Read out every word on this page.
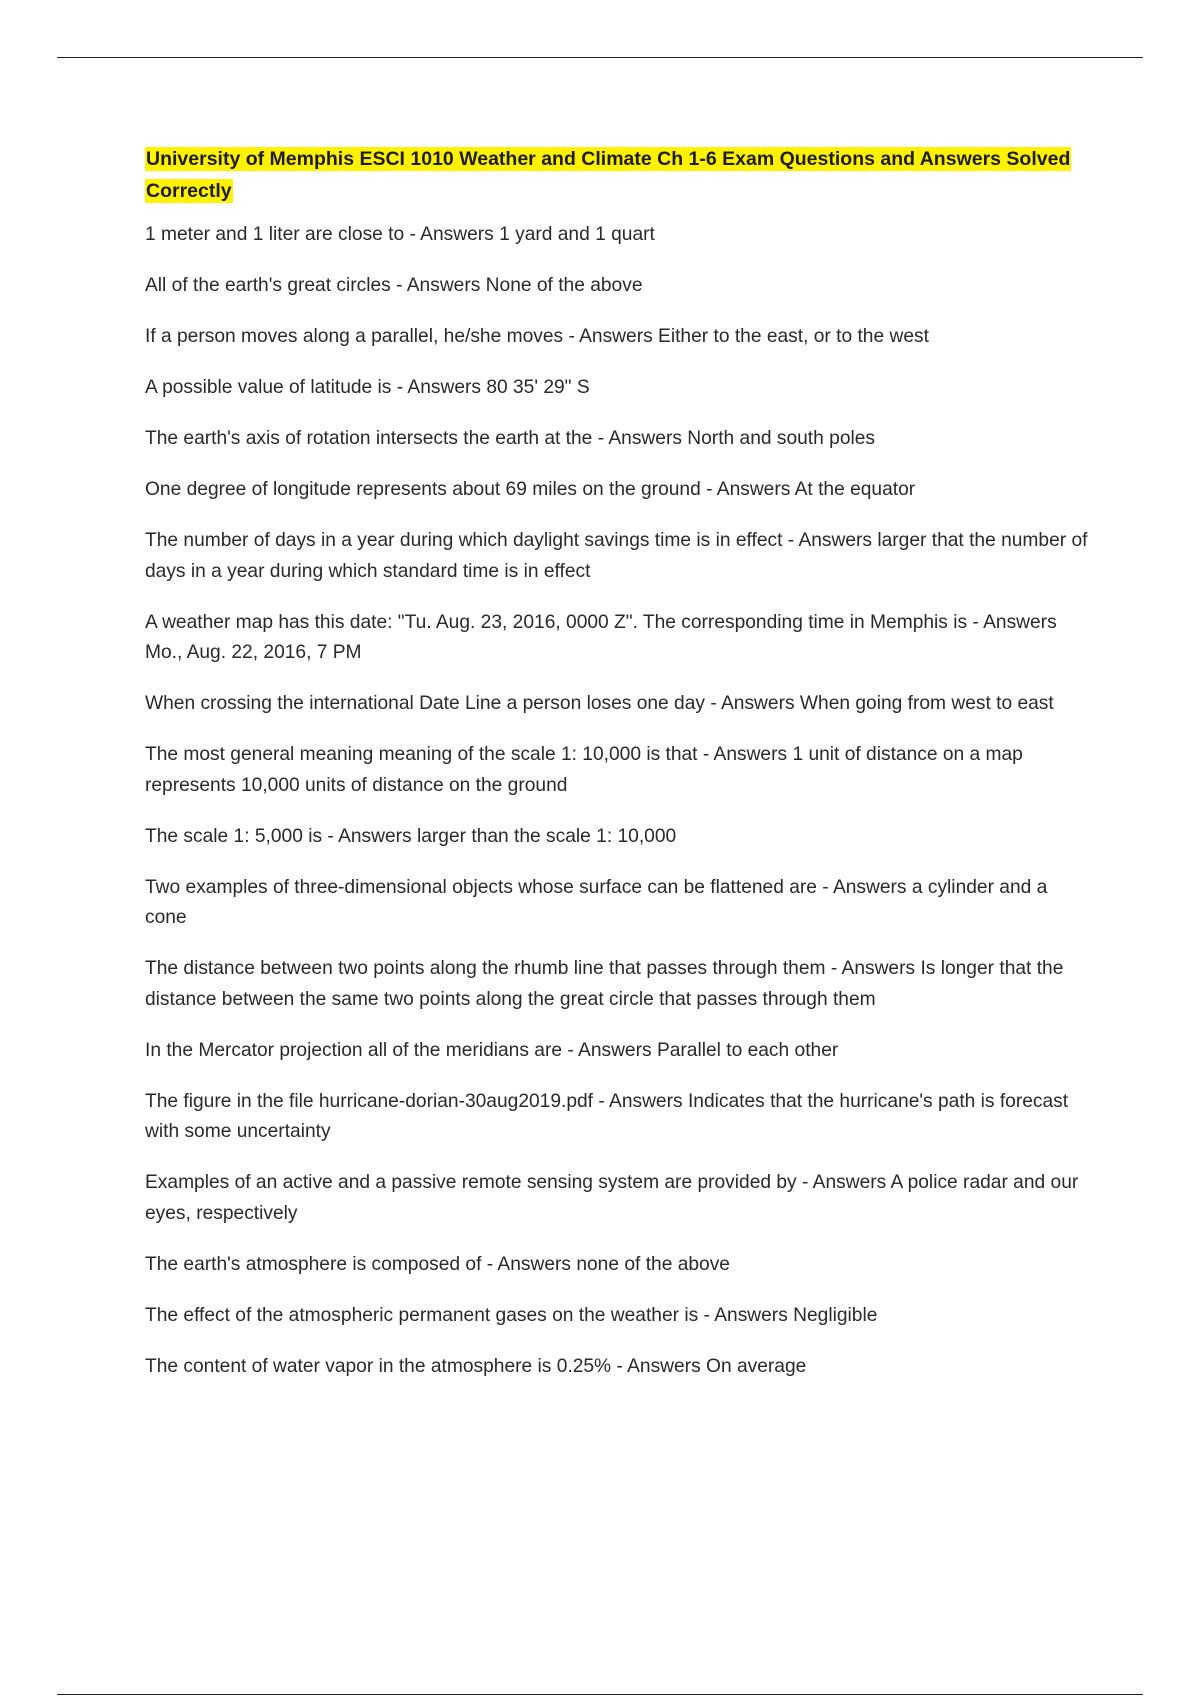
University of Memphis ESCI 1010 Weather and Climate Ch 1-6 Exam Questions and Answers Solved Correctly

1 meter and 1 liter are close to - Answers 1 yard and 1 quart

All of the earth's great circles - Answers None of the above

If a person moves along a parallel, he/she moves - Answers Either to the east, or to the west

A possible value of latitude is - Answers 80 35' 29" S

The earth's axis of rotation intersects the earth at the - Answers North and south poles

One degree of longitude represents about 69 miles on the ground - Answers At the equator

The number of days in a year during which daylight savings time is in effect - Answers larger that the number of days in a year during which standard time is in effect

A weather map has this date: "Tu. Aug. 23, 2016, 0000 Z". The corresponding time in Memphis is - Answers Mo., Aug. 22, 2016, 7 PM

When crossing the international Date Line a person loses one day - Answers When going from west to east

The most general meaning meaning of the scale 1: 10,000 is that - Answers 1 unit of distance on a map represents 10,000 units of distance on the ground

The scale 1: 5,000 is - Answers larger than the scale 1: 10,000

Two examples of three-dimensional objects whose surface can be flattened are - Answers a cylinder and a cone

The distance between two points along the rhumb line that passes through them - Answers Is longer that the distance between the same two points along the great circle that passes through them

In the Mercator projection all of the meridians are - Answers Parallel to each other

The figure in the file hurricane-dorian-30aug2019.pdf - Answers Indicates that the hurricane's path is forecast with some uncertainty

Examples of an active and a passive remote sensing system are provided by - Answers A police radar and our eyes, respectively

The earth's atmosphere is composed of - Answers none of the above

The effect of the atmospheric permanent gases on the weather is - Answers Negligible

The content of water vapor in the atmosphere is 0.25% - Answers On average
